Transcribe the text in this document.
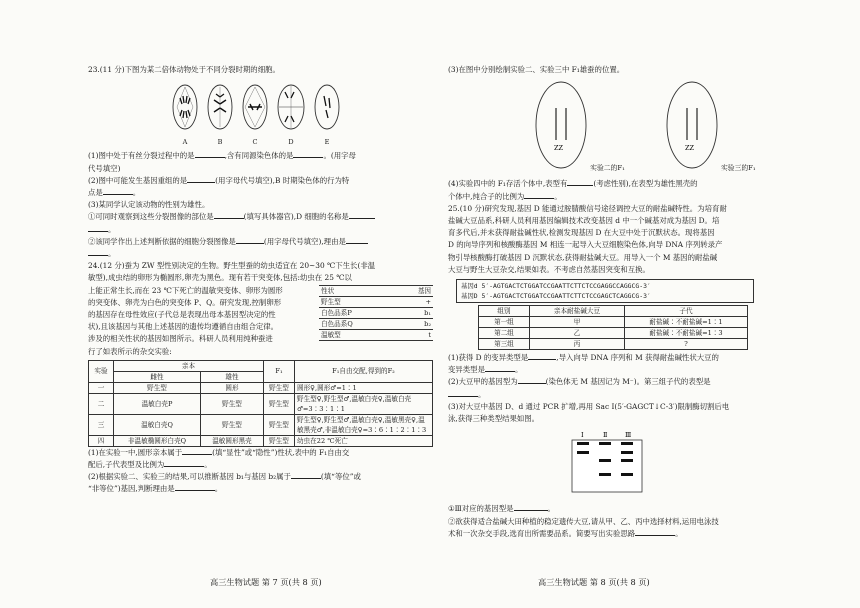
23.(11 分)下图为某二倍体动物处于不同分裂时期的细胞。

A	B	C	D	E

(1)图中处于有丝分裂过程中的是	,含有同源染色体的是	。(用字母

代号填空)

(2)图中可能发生基因重组的是	(用字母代号填空),B 时期染色体的行为特

点是	。

(3)某同学认定该动物的性别为雄性。

①可同时观察到这些分裂图像的部位是	(填写具体器官),D 细胞的名称是

。

②该同学作出上述判断依据的细胞分裂图像是	(用字母代号填空),理由是

。

24.(12 分)蚕为 ZW 型性别决定的生物。野生型蚕的幼虫适宜在 20~30 ℃下生长(非温

敏型),成虫结的卵形为椭圆形,卵壳为黑色。现有若干突变体,包括:幼虫在 25 ℃以

性状	基因
野生型	+
白色品系P	b₁
白色品系Q	b₂
温敏型	t

上能正常生长,而在 23 ℃下死亡的温敏突变体、卵形为圆形

的突变体、卵壳为白色的突变体 P、Q。研究发现,控制卵形

的基因存在母性效应(子代总是表现出母本基因型决定的性

状),且该基因与其他上述基因的遗传均遵循自由组合定律。

涉及的相关性状的基因如图所示。科研人员利用纯种蚕进

行了如表所示的杂交实验:

实验	亲本		F₁	F₁自由交配,得到的F₂
	雌性	雄性		
一	野生型	圆形	野生型	圆形♀,圆形♂=1∶1
二	温敏白壳P	野生型	野生型	野生型♀,野生型♂,温敏白壳♀,温敏白壳♂=3∶3∶1∶1
三	温敏白壳Q	野生型	野生型	野生型♀,野生型♂,温敏白壳♀,温敏黑壳♀,温敏黑壳♂,非温敏白壳♀=3∶6∶1∶2∶1∶3
四	非温敏椭圆形白壳Q	温敏圆形黑壳	野生型	幼虫在22 ℃死亡

(1)在实验一中,圆形亲本属于	(填“显性”或“隐性”)性状,表中的 F₁自由交

配后,子代表型及比例为	。

(2)根据实验二、实验三的结果,可以推断基因 b₁与基因 b₂属于	(填“等位”或

“非等位”)基因,判断理由是	。

高三生物试题 第 7 页(共 8 页)

(3)在图中分别绘制实验二、实验三中 F₁雄蚕的位置。

ZZ
实验二的F₁
ZZ
实验三的F₁

(4)实验四中的 F₁存活个体中,表型有	(考虑性别),在表型为雄性黑壳的

个体中,纯合子的比例为	。

25.(10 分)研究发现,基因 D 能通过胺腈酸信号途径调控大豆的耐盐碱特性。为培育耐

盐碱大豆品系,科研人员利用基因编辑技术改变基因 d 中一个碱基对成为基因 D。培

育多代后,并未获得耐盐碱性状,检测发现基因 D 在大豆中处于沉默状态。现将基因

D 的向导序列和核酸酶基因 M 相连一起导入大豆细胞染色体,向导 DNA 序列转录产

物引导核酸酶打破基因 D 沉默状态,获得耐盐碱大豆。用导入一个 M 基因的耐盐碱

大豆与野生大豆杂交,结果如表。不考虑自然基因突变和互换。

基因d 5′-AGTGACTCTGGATCCGAATTCTTCTCCGAGGCCAGGCG-3′
基因D 5′-AGTGACTCTGGATCCGAATTCTTCTCCGAGCTCAGGCG-3′
组别	亲本耐盐碱大豆	子代
第一组	甲	耐盐碱∶不耐盐碱=1∶1
第二组	乙	耐盐碱∶不耐盐碱=1∶3
第三组	丙	?

(1)获得 D 的变异类型是	,导入向导 DNA 序列和 M 获得耐盐碱性状大豆的

变异类型是	。

(2)大豆甲的基因型为	(染色体无 M 基因记为 M⁻)。第三组子代的表型是

。

(3)对大豆中基因 D、d 通过 PCR 扩增,再用 Sac Ⅰ(5′-GAGCT↓C-3′)限制酶切割后电

泳,获得三种类型结果如图。

Ⅰ	Ⅱ	Ⅲ

①Ⅲ对应的基因型是	。

②欲获得适合盐碱大田种植的稳定遗传大豆,请从甲、乙、丙中选择材料,运用电泳技

术和一次杂交手段,选育出所需要品系。简要写出实验思路	。

高三生物试题 第 8 页(共 8 页)
